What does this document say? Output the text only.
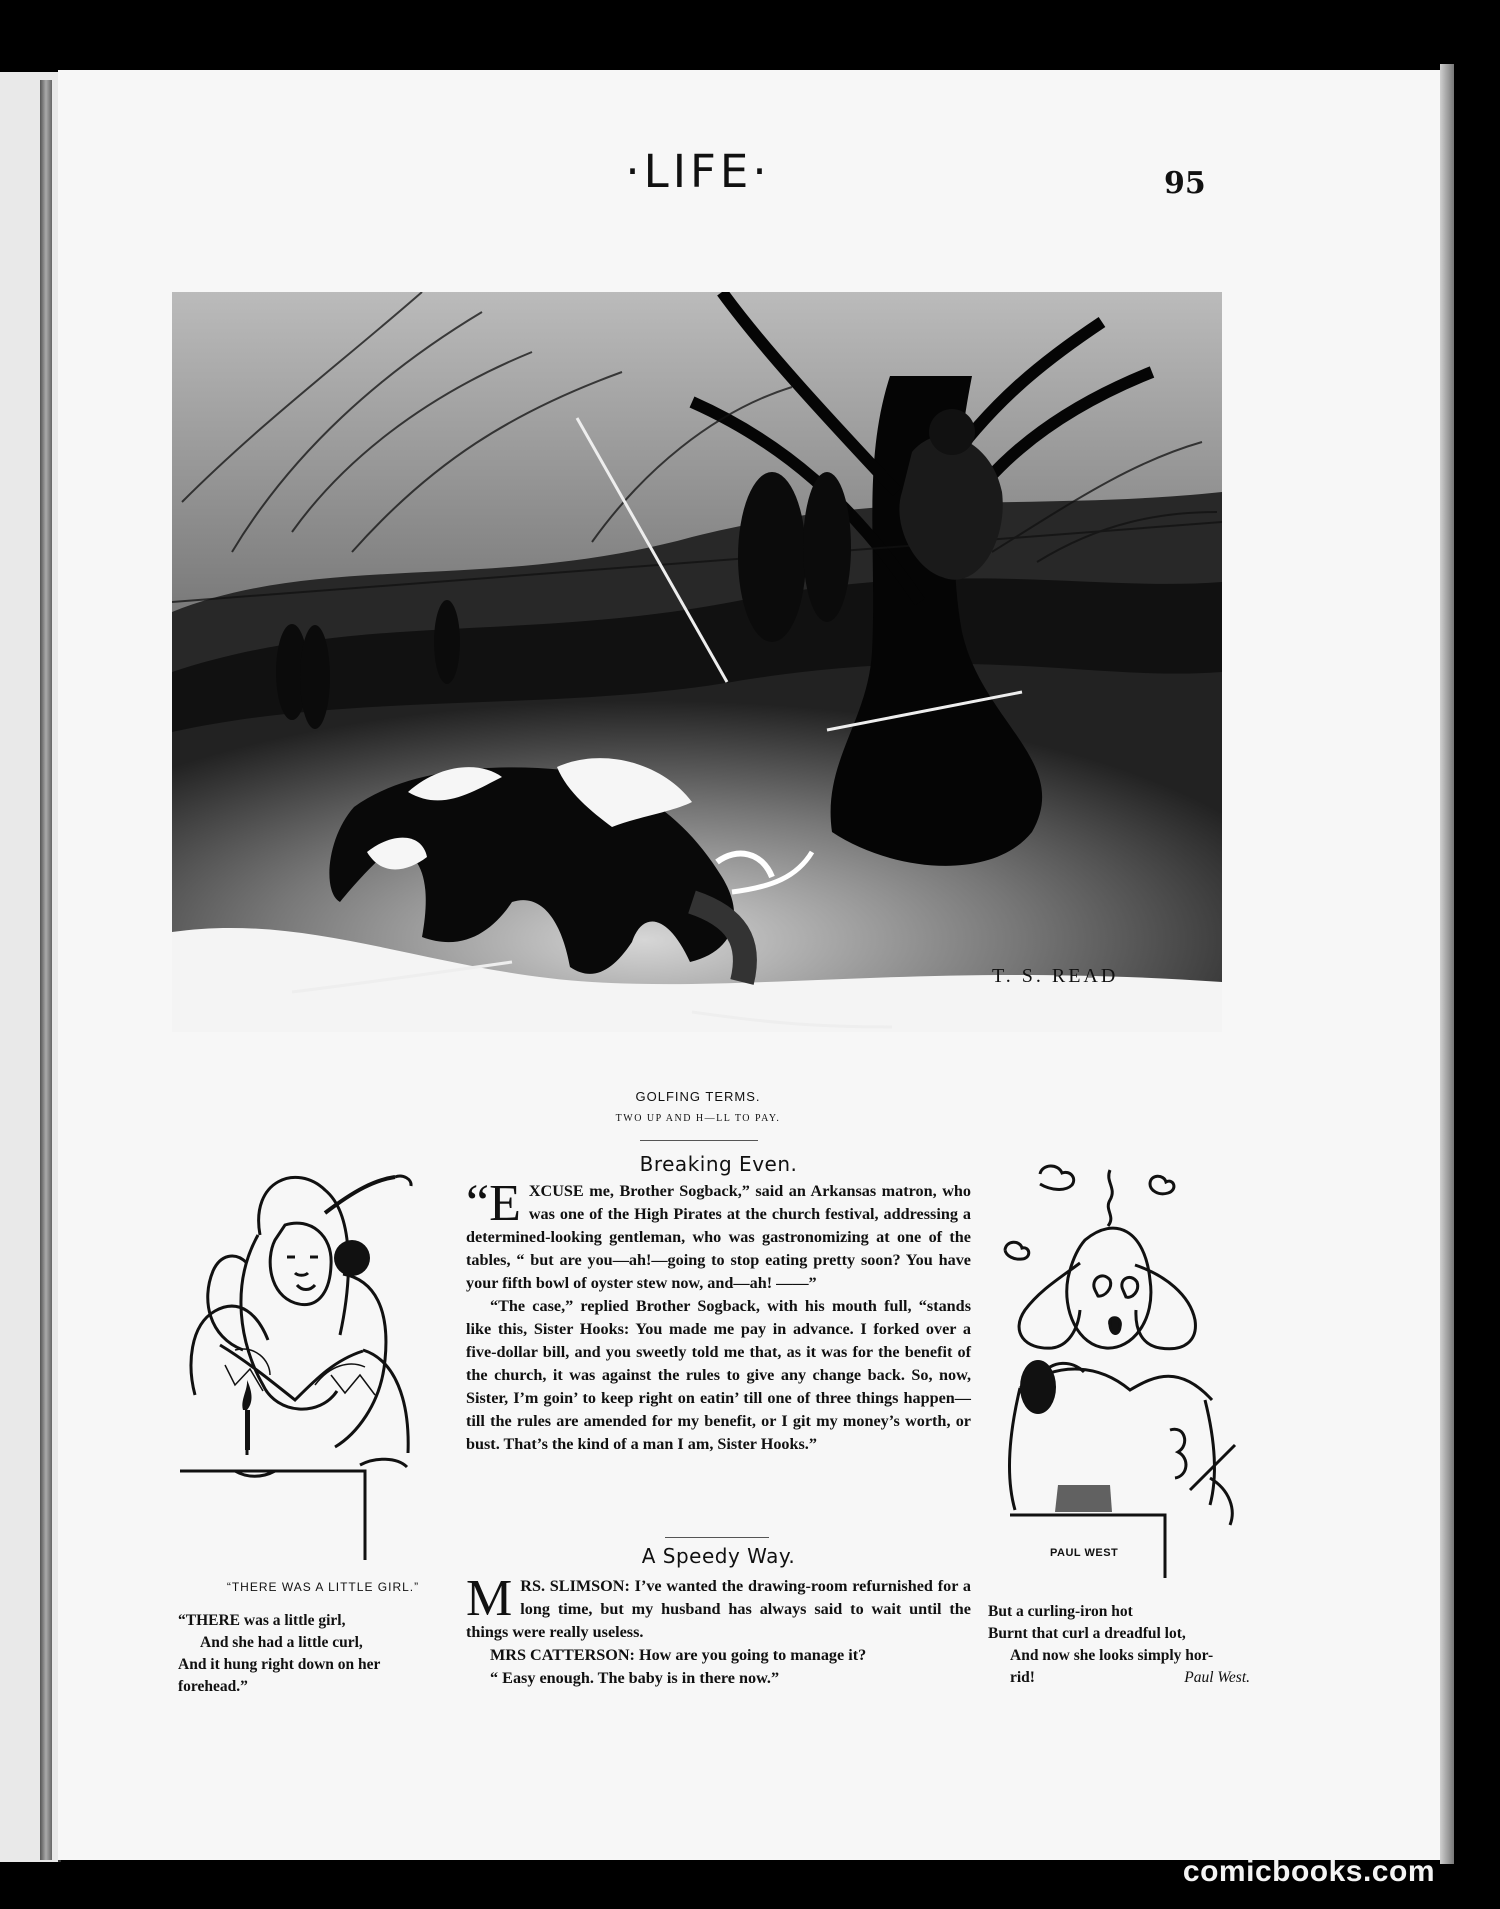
·LIFE·	95
T. S. READ
GOLFING TERMS.
TWO UP AND H—LL TO PAY.
Breaking Even.

“E XCUSE me, Brother Sogback,” said an Arkansas matron, who was one of the High Pirates at the church festival, addressing a determined-looking gentleman, who was gastronomizing at one of the tables, “ but are you—ah!—going to stop eating pretty soon? You have your fifth bowl of oyster stew now, and—ah! ——”

“The case,” replied Brother Sogback, with his mouth full, “stands like this, Sister Hooks: You made me pay in advance. I forked over a five-dollar bill, and you sweetly told me that, as it was for the benefit of the church, it was against the rules to give any change back. So, now, Sister, I’m goin’ to keep right on eatin’ till one of three things happen—till the rules are amended for my benefit, or I git my money’s worth, or bust. That’s the kind of a man I am, Sister Hooks.”

A Speedy Way.

M RS. SLIMSON: I’ve wanted the drawing-room refurnished for a long time, but my husband has always said to wait until the things were really useless.

MRS CATTERSON: How are you going to manage it?

“ Easy enough. The baby is in there now.”

“THERE WAS A LITTLE GIRL.”
“THERE was a little girl,
And she had a little curl,
And it hung right down on her
forehead.”
PAUL WEST
But a curling-iron hot
Burnt that curl a dreadful lot,
And now she looks simply hor-
rid!	Paul West.
comicbooks.com
